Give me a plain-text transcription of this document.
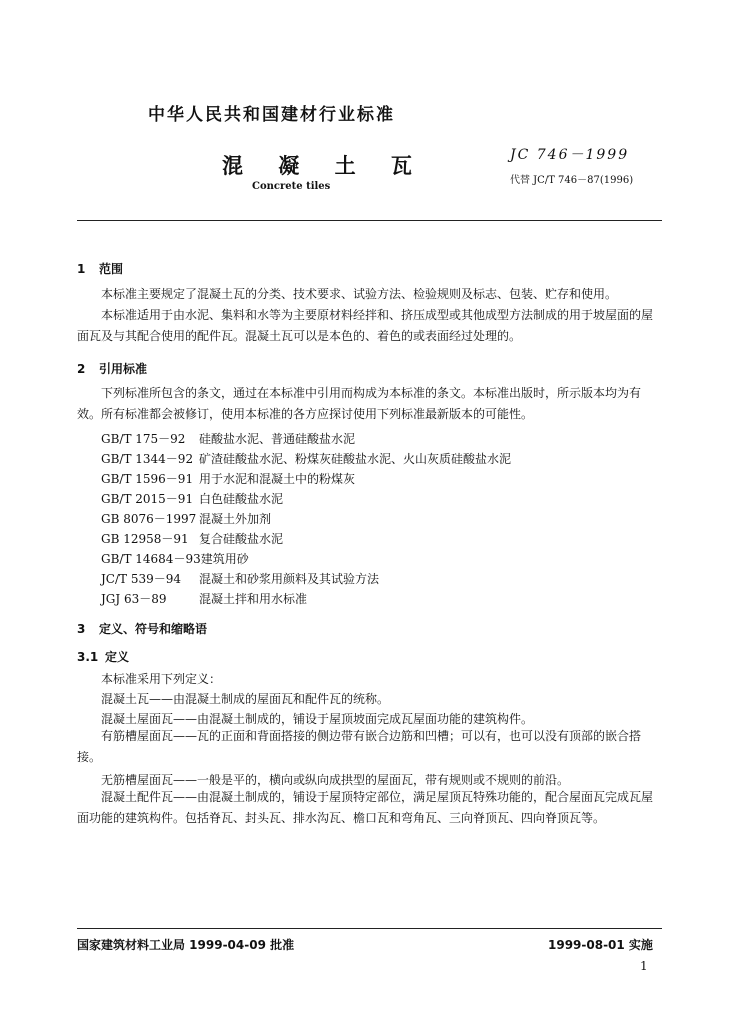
中华人民共和国建材行业标准
混 凝 土 瓦	JC 746－1999
Concrete tiles
代替 JC/T 746－87(1996)
1 范围
本标准主要规定了混凝土瓦的分类、技术要求、试验方法、检验规则及标志、包装、贮存和使用。
本标准适用于由水泥、集料和水等为主要原材料经拌和、挤压成型或其他成型方法制成的用于坡屋面的屋面瓦及与其配合使用的配件瓦。混凝土瓦可以是本色的、着色的或表面经过处理的。
2 引用标准
下列标准所包含的条文，通过在本标准中引用而构成为本标准的条文。本标准出版时，所示版本均为有效。所有标准都会被修订，使用本标准的各方应探讨使用下列标准最新版本的可能性。
GB/T 175－92 硅酸盐水泥、普通硅酸盐水泥
GB/T 1344－92 矿渣硅酸盐水泥、粉煤灰硅酸盐水泥、火山灰质硅酸盐水泥
GB/T 1596－91 用于水泥和混凝土中的粉煤灰
GB/T 2015－91 白色硅酸盐水泥
GB 8076－1997 混凝土外加剂
GB 12958－91 复合硅酸盐水泥
GB/T 14684－93建筑用砂
JC/T 539－94 混凝土和砂浆用颜料及其试验方法
JGJ 63－89	混凝土拌和用水标准
3 定义、符号和缩略语
3.1 定义
本标准采用下列定义：
混凝土瓦——由混凝土制成的屋面瓦和配件瓦的统称。
混凝土屋面瓦——由混凝土制成的，铺设于屋顶坡面完成瓦屋面功能的建筑构件。
有筋槽屋面瓦——瓦的正面和背面搭接的侧边带有嵌合边筋和凹槽；可以有，也可以没有顶部的嵌合搭接。
无筋槽屋面瓦——一般是平的，横向或纵向成拱型的屋面瓦，带有规则或不规则的前沿。
混凝土配件瓦——由混凝土制成的，铺设于屋顶特定部位，满足屋顶瓦特殊功能的，配合屋面瓦完成瓦屋面功能的建筑构件。包括脊瓦、封头瓦、排水沟瓦、檐口瓦和弯角瓦、三向脊顶瓦、四向脊顶瓦等。
国家建筑材料工业局 1999-04-09 批准	1999-08-01 实施
1
